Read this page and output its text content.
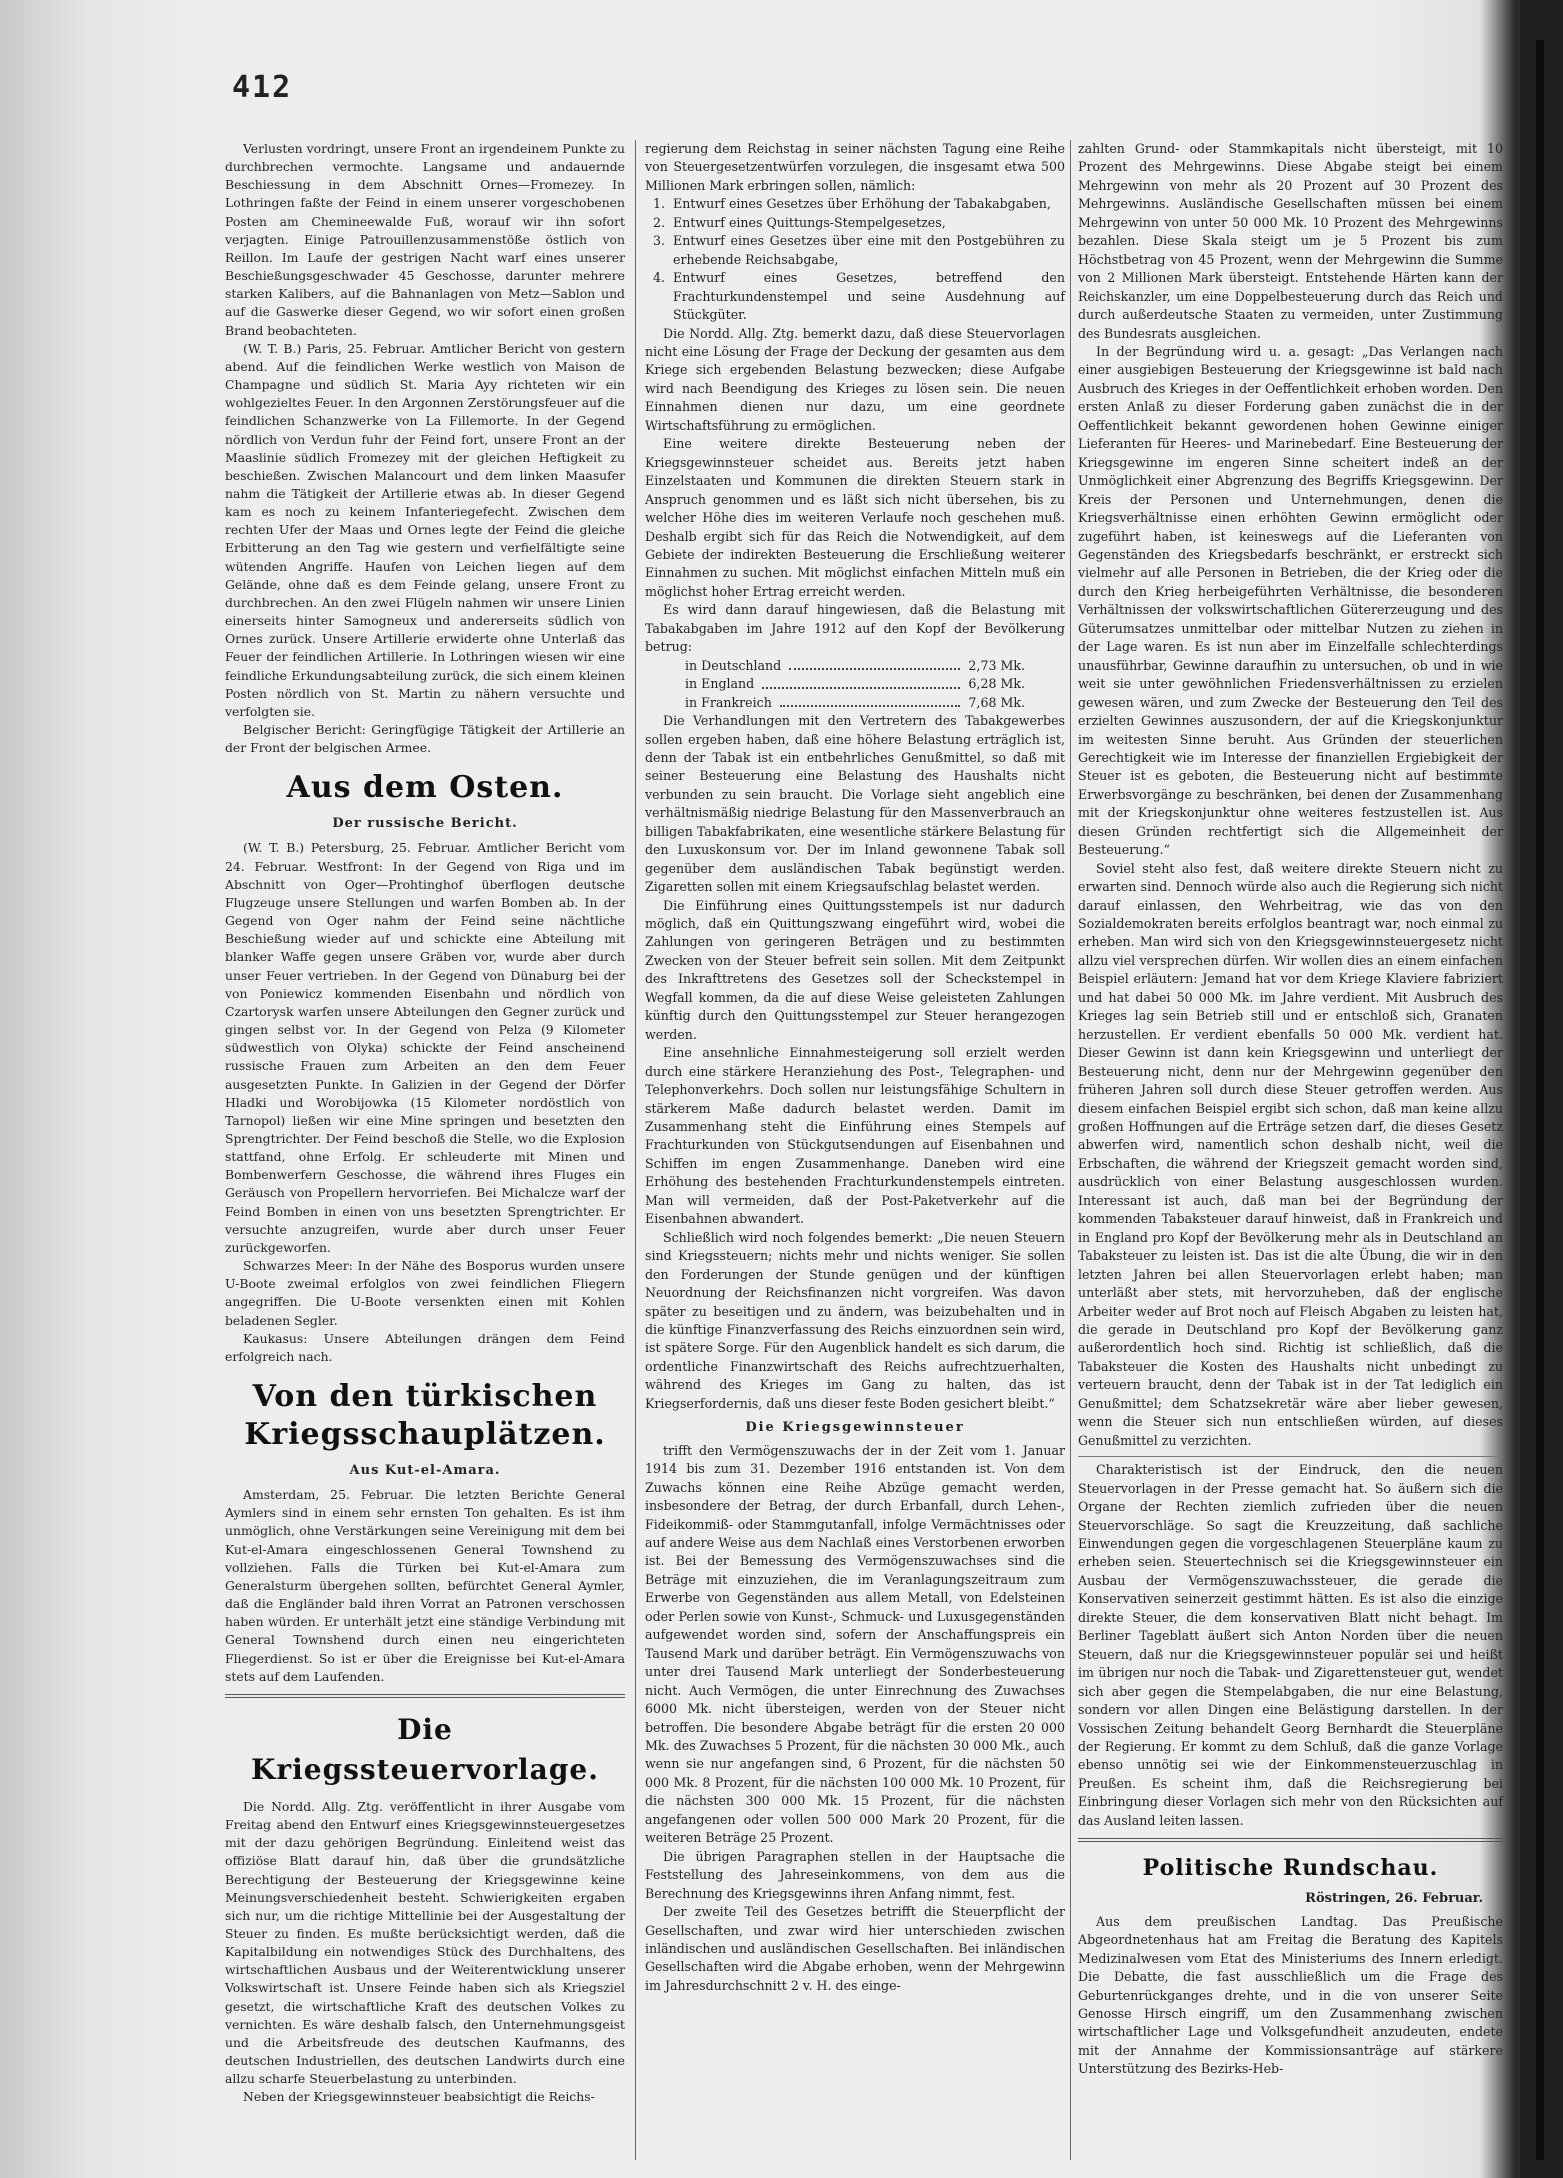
412

Verlusten vordringt, unsere Front an irgendeinem Punkte zu durchbrechen vermochte. Langsame und andauernde Beschiessung in dem Abschnitt Ornes—Fromezey. In Lothringen faßte der Feind in einem unserer vorgeschobenen Posten am Chemineewalde Fuß, worauf wir ihn sofort verjagten. Einige Patrouillenzusammenstöße östlich von Reillon. Im Laufe der gestrigen Nacht warf eines unserer Beschießungsgeschwader 45 Geschosse, darunter mehrere starken Kalibers, auf die Bahnanlagen von Metz—Sablon und auf die Gaswerke dieser Gegend, wo wir sofort einen großen Brand beobachteten.

(W. T. B.) Paris, 25. Februar. Amtlicher Bericht von gestern abend. Auf die feindlichen Werke westlich von Maison de Champagne und südlich St. Maria Ayy richteten wir ein wohlgezieltes Feuer. In den Argonnen Zerstörungsfeuer auf die feindlichen Schanzwerke von La Fillemorte. In der Gegend nördlich von Verdun fuhr der Feind fort, unsere Front an der Maaslinie südlich Fromezey mit der gleichen Heftigkeit zu beschießen. Zwischen Malancourt und dem linken Maasufer nahm die Tätigkeit der Artillerie etwas ab. In dieser Gegend kam es noch zu keinem Infanteriegefecht. Zwischen dem rechten Ufer der Maas und Ornes legte der Feind die gleiche Erbitterung an den Tag wie gestern und verfielfältigte seine wütenden Angriffe. Haufen von Leichen liegen auf dem Gelände, ohne daß es dem Feinde gelang, unsere Front zu durchbrechen. An den zwei Flügeln nahmen wir unsere Linien einerseits hinter Samogneux und andererseits südlich von Ornes zurück. Unsere Artillerie erwiderte ohne Unterlaß das Feuer der feindlichen Artillerie. In Lothringen wiesen wir eine feindliche Erkundungsabteilung zurück, die sich einem kleinen Posten nördlich von St. Martin zu nähern versuchte und verfolgten sie.

Belgischer Bericht: Geringfügige Tätigkeit der Artillerie an der Front der belgischen Armee.

Aus dem Osten.
Der russische Bericht.

(W. T. B.) Petersburg, 25. Februar. Amtlicher Bericht vom 24. Februar. Westfront: In der Gegend von Riga und im Abschnitt von Oger—Prohtinghof überflogen deutsche Flugzeuge unsere Stellungen und warfen Bomben ab. In der Gegend von Oger nahm der Feind seine nächtliche Beschießung wieder auf und schickte eine Abteilung mit blanker Waffe gegen unsere Gräben vor, wurde aber durch unser Feuer vertrieben. In der Gegend von Dünaburg bei der von Poniewicz kommenden Eisenbahn und nördlich von Czartorysk warfen unsere Abteilungen den Gegner zurück und gingen selbst vor. In der Gegend von Pelza (9 Kilometer südwestlich von Olyka) schickte der Feind anscheinend russische Frauen zum Arbeiten an den dem Feuer ausgesetzten Punkte. In Galizien in der Gegend der Dörfer Hladki und Worobijowka (15 Kilometer nordöstlich von Tarnopol) ließen wir eine Mine springen und besetzten den Sprengtrichter. Der Feind beschoß die Stelle, wo die Explosion stattfand, ohne Erfolg. Er schleuderte mit Minen und Bombenwerfern Geschosse, die während ihres Fluges ein Geräusch von Propellern hervorriefen. Bei Michalcze warf der Feind Bomben in einen von uns besetzten Sprengtrichter. Er versuchte anzugreifen, wurde aber durch unser Feuer zurückgeworfen.

Schwarzes Meer: In der Nähe des Bosporus wurden unsere U-Boote zweimal erfolglos von zwei feindlichen Fliegern angegriffen. Die U-Boote versenkten einen mit Kohlen beladenen Segler.

Kaukasus: Unsere Abteilungen drängen dem Feind erfolgreich nach.

Von den türkischen Kriegsschauplätzen.
Aus Kut-el-Amara.

Amsterdam, 25. Februar. Die letzten Berichte General Aymlers sind in einem sehr ernsten Ton gehalten. Es ist ihm unmöglich, ohne Verstärkungen seine Vereinigung mit dem bei Kut-el-Amara eingeschlossenen General Townshend zu vollziehen. Falls die Türken bei Kut-el-Amara zum Generalsturm übergehen sollten, befürchtet General Aymler, daß die Engländer bald ihren Vorrat an Patronen verschossen haben würden. Er unterhält jetzt eine ständige Verbindung mit General Townshend durch einen neu eingerichteten Fliegerdienst. So ist er über die Ereignisse bei Kut-el-Amara stets auf dem Laufenden.

Die Kriegssteuervorlage.

Die Nordd. Allg. Ztg. veröffentlicht in ihrer Ausgabe vom Freitag abend den Entwurf eines Kriegsgewinnsteuergesetzes mit der dazu gehörigen Begründung. Einleitend weist das offiziöse Blatt darauf hin, daß über die grundsätzliche Berechtigung der Besteuerung der Kriegsgewinne keine Meinungsverschiedenheit besteht. Schwierigkeiten ergaben sich nur, um die richtige Mittellinie bei der Ausgestaltung der Steuer zu finden. Es mußte berücksichtigt werden, daß die Kapitalbildung ein notwendiges Stück des Durchhaltens, des wirtschaftlichen Ausbaus und der Weiterentwicklung unserer Volkswirtschaft ist. Unsere Feinde haben sich als Kriegsziel gesetzt, die wirtschaftliche Kraft des deutschen Volkes zu vernichten. Es wäre deshalb falsch, den Unternehmungsgeist und die Arbeitsfreude des deutschen Kaufmanns, des deutschen Industriellen, des deutschen Landwirts durch eine allzu scharfe Steuerbelastung zu unterbinden.

Neben der Kriegsgewinnsteuer beabsichtigt die Reichs-

regierung dem Reichstag in seiner nächsten Tagung eine Reihe von Steuergesetzentwürfen vorzulegen, die insgesamt etwa 500 Millionen Mark erbringen sollen, nämlich:

1. Entwurf eines Gesetzes über Erhöhung der Tabakabgaben,

2. Entwurf eines Quittungs-Stempelgesetzes,

3. Entwurf eines Gesetzes über eine mit den Postgebühren zu erhebende Reichsabgabe,

4. Entwurf eines Gesetzes, betreffend den Frachturkundenstempel und seine Ausdehnung auf Stückgüter.

Die Nordd. Allg. Ztg. bemerkt dazu, daß diese Steuervorlagen nicht eine Lösung der Frage der Deckung der gesamten aus dem Kriege sich ergebenden Belastung bezwecken; diese Aufgabe wird nach Beendigung des Krieges zu lösen sein. Die neuen Einnahmen dienen nur dazu, um eine geordnete Wirtschaftsführung zu ermöglichen.

Eine weitere direkte Besteuerung neben der Kriegsgewinnsteuer scheidet aus. Bereits jetzt haben Einzelstaaten und Kommunen die direkten Steuern stark in Anspruch genommen und es läßt sich nicht übersehen, bis zu welcher Höhe dies im weiteren Verlaufe noch geschehen muß. Deshalb ergibt sich für das Reich die Notwendigkeit, auf dem Gebiete der indirekten Besteuerung die Erschließung weiterer Einnahmen zu suchen. Mit möglichst einfachen Mitteln muß ein möglichst hoher Ertrag erreicht werden.

Es wird dann darauf hingewiesen, daß die Belastung mit Tabakabgaben im Jahre 1912 auf den Kopf der Bevölkerung betrug:

in Deutschland	2,73 Mk.
in England	6,28 Mk.
in Frankreich	7,68 Mk.

Die Verhandlungen mit den Vertretern des Tabakgewerbes sollen ergeben haben, daß eine höhere Belastung erträglich ist, denn der Tabak ist ein entbehrliches Genußmittel, so daß mit seiner Besteuerung eine Belastung des Haushalts nicht verbunden zu sein braucht. Die Vorlage sieht angeblich eine verhältnismäßig niedrige Belastung für den Massenverbrauch an billigen Tabakfabrikaten, eine wesentliche stärkere Belastung für den Luxuskonsum vor. Der im Inland gewonnene Tabak soll gegenüber dem ausländischen Tabak begünstigt werden. Zigaretten sollen mit einem Kriegsaufschlag belastet werden.

Die Einführung eines Quittungsstempels ist nur dadurch möglich, daß ein Quittungszwang eingeführt wird, wobei die Zahlungen von geringeren Beträgen und zu bestimmten Zwecken von der Steuer befreit sein sollen. Mit dem Zeitpunkt des Inkrafttretens des Gesetzes soll der Scheckstempel in Wegfall kommen, da die auf diese Weise geleisteten Zahlungen künftig durch den Quittungsstempel zur Steuer herangezogen werden.

Eine ansehnliche Einnahmesteigerung soll erzielt werden durch eine stärkere Heranziehung des Post-, Telegraphen- und Telephonverkehrs. Doch sollen nur leistungsfähige Schultern in stärkerem Maße dadurch belastet werden. Damit im Zusammenhang steht die Einführung eines Stempels auf Frachturkunden von Stückgutsendungen auf Eisenbahnen und Schiffen im engen Zusammenhange. Daneben wird eine Erhöhung des bestehenden Frachturkundenstempels eintreten. Man will vermeiden, daß der Post-Paketverkehr auf die Eisenbahnen abwandert.

Schließlich wird noch folgendes bemerkt: „Die neuen Steuern sind Kriegssteuern; nichts mehr und nichts weniger. Sie sollen den Forderungen der Stunde genügen und der künftigen Neuordnung der Reichsfinanzen nicht vorgreifen. Was davon später zu beseitigen und zu ändern, was beizubehalten und in die künftige Finanzverfassung des Reichs einzuordnen sein wird, ist spätere Sorge. Für den Augenblick handelt es sich darum, die ordentliche Finanzwirtschaft des Reichs aufrechtzuerhalten, während des Krieges im Gang zu halten, das ist Kriegserfordernis, daß uns dieser feste Boden gesichert bleibt.“

Die Kriegsgewinnsteuer

trifft den Vermögenszuwachs der in der Zeit vom 1. Januar 1914 bis zum 31. Dezember 1916 entstanden ist. Von dem Zuwachs können eine Reihe Abzüge gemacht werden, insbesondere der Betrag, der durch Erbanfall, durch Lehen-, Fideikommiß- oder Stammgutanfall, infolge Vermächtnisses oder auf andere Weise aus dem Nachlaß eines Verstorbenen erworben ist. Bei der Bemessung des Vermögenszuwachses sind die Beträge mit einzuziehen, die im Veranlagungszeitraum zum Erwerbe von Gegenständen aus allem Metall, von Edelsteinen oder Perlen sowie von Kunst-, Schmuck- und Luxusgegenständen aufgewendet worden sind, sofern der Anschaffungspreis ein Tausend Mark und darüber beträgt. Ein Vermögenszuwachs von unter drei Tausend Mark unterliegt der Sonderbesteuerung nicht. Auch Vermögen, die unter Einrechnung des Zuwachses 6000 Mk. nicht übersteigen, werden von der Steuer nicht betroffen. Die besondere Abgabe beträgt für die ersten 20 000 Mk. des Zuwachses 5 Prozent, für die nächsten 30 000 Mk., auch wenn sie nur angefangen sind, 6 Prozent, für die nächsten 50 000 Mk. 8 Prozent, für die nächsten 100 000 Mk. 10 Prozent, für die nächsten 300 000 Mk. 15 Prozent, für die nächsten angefangenen oder vollen 500 000 Mark 20 Prozent, für die weiteren Beträge 25 Prozent.

Die übrigen Paragraphen stellen in der Hauptsache die Feststellung des Jahreseinkommens, von dem aus die Berechnung des Kriegsgewinns ihren Anfang nimmt, fest.

Der zweite Teil des Gesetzes betrifft die Steuerpflicht der Gesellschaften, und zwar wird hier unterschieden zwischen inländischen und ausländischen Gesellschaften. Bei inländischen Gesellschaften wird die Abgabe erhoben, wenn der Mehrgewinn im Jahresdurchschnitt 2 v. H. des einge-

zahlten Grund- oder Stammkapitals nicht übersteigt, mit 10 Prozent des Mehrgewinns. Diese Abgabe steigt bei einem Mehrgewinn von mehr als 20 Prozent auf 30 Prozent des Mehrgewinns. Ausländische Gesellschaften müssen bei einem Mehrgewinn von unter 50 000 Mk. 10 Prozent des Mehrgewinns bezahlen. Diese Skala steigt um je 5 Prozent bis zum Höchstbetrag von 45 Prozent, wenn der Mehrgewinn die Summe von 2 Millionen Mark übersteigt. Entstehende Härten kann der Reichskanzler, um eine Doppelbesteuerung durch das Reich und durch außerdeutsche Staaten zu vermeiden, unter Zustimmung des Bundesrats ausgleichen.

In der Begründung wird u. a. gesagt: „Das Verlangen nach einer ausgiebigen Besteuerung der Kriegsgewinne ist bald nach Ausbruch des Krieges in der Oeffentlichkeit erhoben worden. Den ersten Anlaß zu dieser Forderung gaben zunächst die in der Oeffentlichkeit bekannt gewordenen hohen Gewinne einiger Lieferanten für Heeres- und Marinebedarf. Eine Besteuerung der Kriegsgewinne im engeren Sinne scheitert indeß an der Unmöglichkeit einer Abgrenzung des Begriffs Kriegsgewinn. Der Kreis der Personen und Unternehmungen, denen die Kriegsverhältnisse einen erhöhten Gewinn ermöglicht oder zugeführt haben, ist keineswegs auf die Lieferanten von Gegenständen des Kriegsbedarfs beschränkt, er erstreckt sich vielmehr auf alle Personen in Betrieben, die der Krieg oder die durch den Krieg herbeigeführten Verhältnisse, die besonderen Verhältnissen der volkswirtschaftlichen Gütererzeugung und des Güterumsatzes unmittelbar oder mittelbar Nutzen zu ziehen in der Lage waren. Es ist nun aber im Einzelfalle schlechterdings unausführbar, Gewinne daraufhin zu untersuchen, ob und in wie weit sie unter gewöhnlichen Friedensverhältnissen zu erzielen gewesen wären, und zum Zwecke der Besteuerung den Teil des erzielten Gewinnes auszusondern, der auf die Kriegskonjunktur im weitesten Sinne beruht. Aus Gründen der steuerlichen Gerechtigkeit wie im Interesse der finanziellen Ergiebigkeit der Steuer ist es geboten, die Besteuerung nicht auf bestimmte Erwerbsvorgänge zu beschränken, bei denen der Zusammenhang mit der Kriegskonjunktur ohne weiteres festzustellen ist. Aus diesen Gründen rechtfertigt sich die Allgemeinheit der Besteuerung.“

Soviel steht also fest, daß weitere direkte Steuern nicht zu erwarten sind. Dennoch würde also auch die Regierung sich nicht darauf einlassen, den Wehrbeitrag, wie das von den Sozialdemokraten bereits erfolglos beantragt war, noch einmal zu erheben. Man wird sich von den Kriegsgewinnsteuergesetz nicht allzu viel versprechen dürfen. Wir wollen dies an einem einfachen Beispiel erläutern: Jemand hat vor dem Kriege Klaviere fabriziert und hat dabei 50 000 Mk. im Jahre verdient. Mit Ausbruch des Krieges lag sein Betrieb still und er entschloß sich, Granaten herzustellen. Er verdient ebenfalls 50 000 Mk. verdient hat. Dieser Gewinn ist dann kein Kriegsgewinn und unterliegt der Besteuerung nicht, denn nur der Mehrgewinn gegenüber den früheren Jahren soll durch diese Steuer getroffen werden. Aus diesem einfachen Beispiel ergibt sich schon, daß man keine allzu großen Hoffnungen auf die Erträge setzen darf, die dieses Gesetz abwerfen wird, namentlich schon deshalb nicht, weil die Erbschaften, die während der Kriegszeit gemacht worden sind, ausdrücklich von einer Belastung ausgeschlossen wurden. Interessant ist auch, daß man bei der Begründung der kommenden Tabaksteuer darauf hinweist, daß in Frankreich und in England pro Kopf der Bevölkerung mehr als in Deutschland an Tabaksteuer zu leisten ist. Das ist die alte Übung, die wir in den letzten Jahren bei allen Steuervorlagen erlebt haben; man unterläßt aber stets, mit hervorzuheben, daß der englische Arbeiter weder auf Brot noch auf Fleisch Abgaben zu leisten hat, die gerade in Deutschland pro Kopf der Bevölkerung ganz außerordentlich hoch sind. Richtig ist schließlich, daß die Tabaksteuer die Kosten des Haushalts nicht unbedingt zu verteuern braucht, denn der Tabak ist in der Tat lediglich ein Genußmittel; dem Schatzsekretär wäre aber lieber gewesen, wenn die Steuer sich nun entschließen würden, auf dieses Genußmittel zu verzichten.

Charakteristisch ist der Eindruck, den die neuen Steuervorlagen in der Presse gemacht hat. So äußern sich die Organe der Rechten ziemlich zufrieden über die neuen Steuervorschläge. So sagt die Kreuzzeitung, daß sachliche Einwendungen gegen die vorgeschlagenen Steuerpläne kaum zu erheben seien. Steuertechnisch sei die Kriegsgewinnsteuer ein Ausbau der Vermögenszuwachssteuer, die gerade die Konservativen seinerzeit gestimmt hätten. Es ist also die einzige direkte Steuer, die dem konservativen Blatt nicht behagt. Im Berliner Tageblatt äußert sich Anton Norden über die neuen Steuern, daß nur die Kriegsgewinnsteuer populär sei und heißt im übrigen nur noch die Tabak- und Zigarettensteuer gut, wendet sich aber gegen die Stempelabgaben, die nur eine Belastung, sondern vor allen Dingen eine Belästigung darstellen. In der Vossischen Zeitung behandelt Georg Bernhardt die Steuerpläne der Regierung. Er kommt zu dem Schluß, daß die ganze Vorlage ebenso unnötig sei wie der Einkommensteuerzuschlag in Preußen. Es scheint ihm, daß die Reichsregierung bei Einbringung dieser Vorlagen sich mehr von den Rücksichten auf das Ausland leiten lassen.

Politische Rundschau.
Röstringen, 26. Februar.

Aus dem preußischen Landtag. Das Preußische Abgeordnetenhaus hat am Freitag die Beratung des Kapitels Medizinalwesen vom Etat des Ministeriums des Innern erledigt. Die Debatte, die fast ausschließlich um die Frage des Geburtenrückganges drehte, und in die von unserer Seite Genosse Hirsch eingriff, um den Zusammenhang zwischen wirtschaftlicher Lage und Volksgefundheit anzudeuten, endete mit der Annahme der Kommissionsanträge auf stärkere Unterstützung des Bezirks-Heb-
